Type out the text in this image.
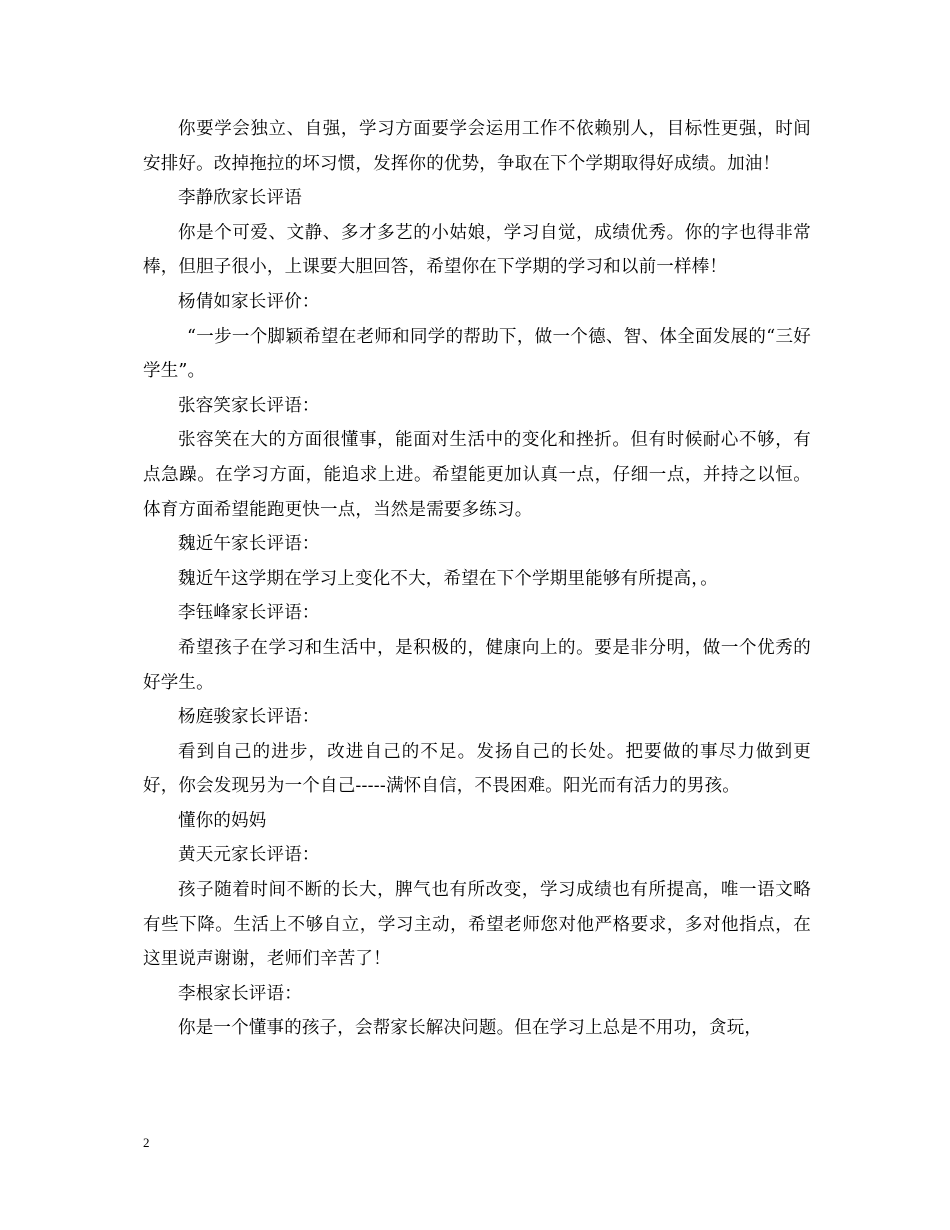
你要学会独立、自强，学习方面要学会运用工作不依赖别人，目标性更强，时间安排好。改掉拖拉的坏习惯，发挥你的优势，争取在下个学期取得好成绩。加油！

李静欣家长评语

你是个可爱、文静、多才多艺的小姑娘，学习自觉，成绩优秀。你的字也得非常棒，但胆子很小，上课要大胆回答，希望你在下学期的学习和以前一样棒！

杨倩如家长评价：

“一步一个脚颖希望在老师和同学的帮助下，做一个德、智、体全面发展的“三好学生”。

张容笑家长评语：

张容笑在大的方面很懂事，能面对生活中的变化和挫折。但有时候耐心不够，有点急躁。在学习方面，能追求上进。希望能更加认真一点，仔细一点，并持之以恒。体育方面希望能跑更快一点，当然是需要多练习。

魏近午家长评语：

魏近午这学期在学习上变化不大，希望在下个学期里能够有所提高，。

李钰峰家长评语：

希望孩子在学习和生活中，是积极的，健康向上的。要是非分明，做一个优秀的好学生。

杨庭骏家长评语：

看到自己的进步，改进自己的不足。发扬自己的长处。把要做的事尽力做到更好，你会发现另为一个自己-----满怀自信，不畏困难。阳光而有活力的男孩。

懂你的妈妈

黄天元家长评语：

孩子随着时间不断的长大，脾气也有所改变，学习成绩也有所提高，唯一语文略有些下降。生活上不够自立，学习主动，希望老师您对他严格要求，多对他指点，在这里说声谢谢，老师们辛苦了！

李根家长评语：

你是一个懂事的孩子，会帮家长解决问题。但在学习上总是不用功，贪玩，

2
